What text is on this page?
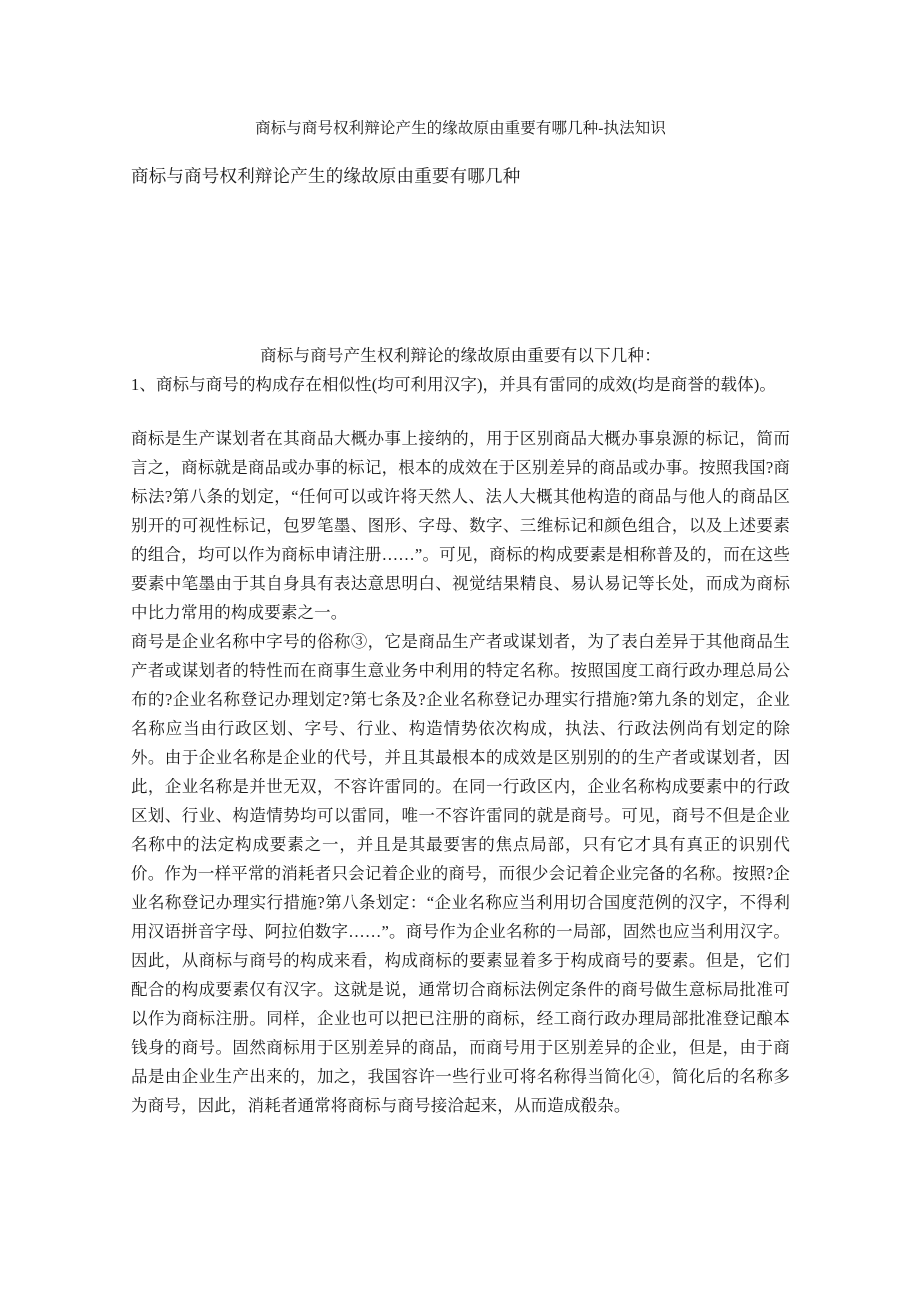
商标与商号权利辩论产生的缘故原由重要有哪几种-执法知识
商标与商号权利辩论产生的缘故原由重要有哪几种

商标与商号产生权利辩论的缘故原由重要有以下几种：

1、商标与商号的构成存在相似性(均可利用汉字)，并具有雷同的成效(均是商誉的载体)。

商标是生产谋划者在其商品大概办事上接纳的，用于区别商品大概办事泉源的标记，简而言之，商标就是商品或办事的标记，根本的成效在于区别差异的商品或办事。按照我国?商标法?第八条的划定，“任何可以或许将天然人、法人大概其他构造的商品与他人的商品区别开的可视性标记，包罗笔墨、图形、字母、数字、三维标记和颜色组合，以及上述要素的组合，均可以作为商标申请注册……”。可见，商标的构成要素是相称普及的，而在这些要素中笔墨由于其自身具有表达意思明白、视觉结果精良、易认易记等长处，而成为商标中比力常用的构成要素之一。

商号是企业名称中字号的俗称③，它是商品生产者或谋划者，为了表白差异于其他商品生产者或谋划者的特性而在商事生意业务中利用的特定名称。按照国度工商行政办理总局公布的?企业名称登记办理划定?第七条及?企业名称登记办理实行措施?第九条的划定，企业名称应当由行政区划、字号、行业、构造情势依次构成，执法、行政法例尚有划定的除外。由于企业名称是企业的代号，并且其最根本的成效是区别别的的生产者或谋划者，因此，企业名称是并世无双，不容许雷同的。在同一行政区内，企业名称构成要素中的行政区划、行业、构造情势均可以雷同，唯一不容许雷同的就是商号。可见，商号不但是企业名称中的法定构成要素之一，并且是其最要害的焦点局部，只有它才具有真正的识别代价。作为一样平常的消耗者只会记着企业的商号，而很少会记着企业完备的名称。按照?企业名称登记办理实行措施?第八条划定：“企业名称应当利用切合国度范例的汉字，不得利用汉语拼音字母、阿拉伯数字……”。商号作为企业名称的一局部，固然也应当利用汉字。因此，从商标与商号的构成来看，构成商标的要素显着多于构成商号的要素。但是，它们配合的构成要素仅有汉字。这就是说，通常切合商标法例定条件的商号做生意标局批准可以作为商标注册。同样，企业也可以把已注册的商标，经工商行政办理局部批准登记酿本钱身的商号。固然商标用于区别差异的商品，而商号用于区别差异的企业，但是，由于商品是由企业生产出来的，加之，我国容许一些行业可将名称得当简化④，简化后的名称多为商号，因此，消耗者通常将商标与商号接洽起来，从而造成殽杂。
